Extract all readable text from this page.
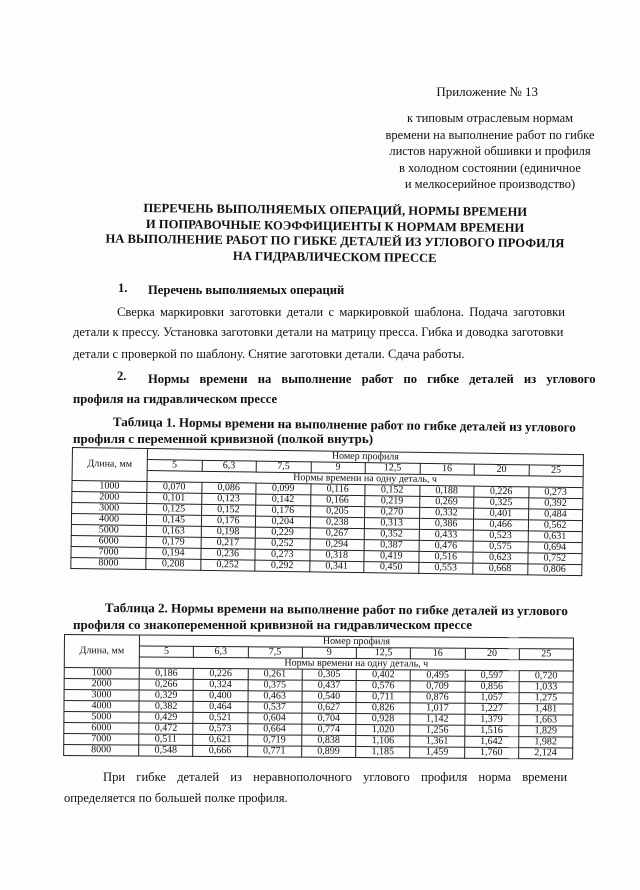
Приложение № 13
к типовым отраслевым нормам
времени на выполнение работ по гибке
листов наружной обшивки и профиля
в холодном состоянии (единичное
и мелкосерийное производство)
ПЕРЕЧЕНЬ ВЫПОЛНЯЕМЫХ ОПЕРАЦИЙ, НОРМЫ ВРЕМЕНИ
И ПОПРАВОЧНЫЕ КОЭФФИЦИЕНТЫ К НОРМАМ ВРЕМЕНИ
НА ВЫПОЛНЕНИЕ РАБОТ ПО ГИБКЕ ДЕТАЛЕЙ ИЗ УГЛОВОГО ПРОФИЛЯ
НА ГИДРАВЛИЧЕСКОМ ПРЕССЕ
1. Перечень выполняемых операций
Сверка маркировки заготовки детали с маркировкой шаблона. Подача заготовки
детали к прессу. Установка заготовки детали на матрицу пресса. Гибка и доводка заготовки
детали с проверкой по шаблону. Снятие заготовки детали. Сдача работы.
2. Нормы времени на выполнение работ по гибке деталей из углового
профиля на гидравлическом прессе
Таблица 1. Нормы времени на выполнение работ по гибке деталей из углового
профиля с переменной кривизной (полкой внутрь)
Длина, мм	Номер профиля							
	5	6,3	7,5	9	12,5	16	20	25
	Нормы времени на одну деталь, ч							
1000	0,070	0,086	0,099	0,116	0,152	0,188	0,226	0,273
2000	0,101	0,123	0,142	0,166	0,219	0,269	0,325	0,392
3000	0,125	0,152	0,176	0,205	0,270	0,332	0,401	0,484
4000	0,145	0,176	0,204	0,238	0,313	0,386	0,466	0,562
5000	0,163	0,198	0,229	0,267	0,352	0,433	0,523	0,631
6000	0,179	0,217	0,252	0,294	0,387	0,476	0,575	0,694
7000	0,194	0,236	0,273	0,318	0,419	0,516	0,623	0,752
8000	0,208	0,252	0,292	0,341	0,450	0,553	0,668	0,806
Таблица 2. Нормы времени на выполнение работ по гибке деталей из углового
профиля со знакопеременной кривизной на гидравлическом прессе
Длина, мм	Номер профиля							
	5	6,3	7,5	9	12,5	16	20	25
	Нормы времени на одну деталь, ч							
1000	0,186	0,226	0,261	0,305	0,402	0,495	0,597	0,720
2000	0,266	0,324	0,375	0,437	0,576	0,709	0,856	1,033
3000	0,329	0,400	0,463	0,540	0,711	0,876	1,057	1,275
4000	0,382	0,464	0,537	0,627	0,826	1,017	1,227	1,481
5000	0,429	0,521	0,604	0,704	0,928	1,142	1,379	1,663
6000	0,472	0,573	0,664	0,774	1,020	1,256	1,516	1,829
7000	0,511	0,621	0,719	0,838	1,106	1,361	1,642	1,982
8000	0,548	0,666	0,771	0,899	1,185	1,459	1,760	2,124
При гибке деталей из неравнополочного углового профиля норма времени
определяется по большей полке профиля.
